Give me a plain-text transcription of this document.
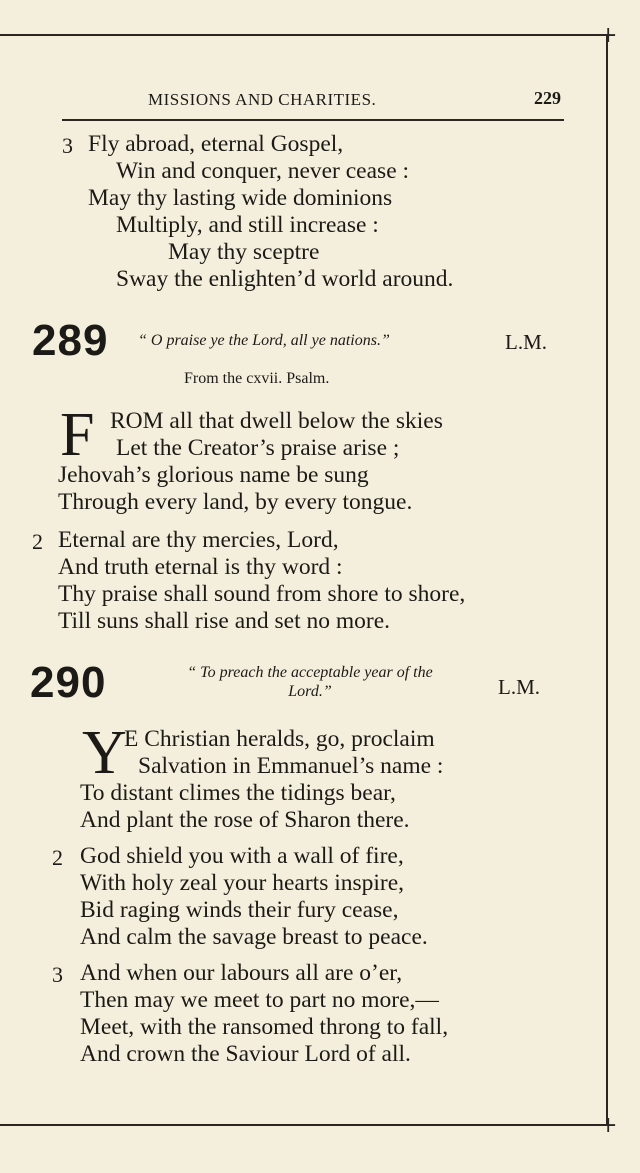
+
+
MISSIONS AND CHARITIES.	229
3 Fly abroad, eternal Gospel,
Win and conquer, never cease :
May thy lasting wide dominions
Multiply, and still increase :
May thy sceptre
Sway the enlighten’d world around.
289 “ O praise ye the Lord, all ye nations.”	L.M.
From the cxvii. Psalm.
F ROM all that dwell below the skies
Let the Creator’s praise arise ;
Jehovah’s glorious name be sung
Through every land, by every tongue.
2 Eternal are thy mercies, Lord,
And truth eternal is thy word :
Thy praise shall sound from shore to shore,
Till suns shall rise and set no more.
290	“ To preach the acceptable year of the
Lord.”	L.M.
Y
E Christian heralds, go, proclaim
Salvation in Emmanuel’s name :
To distant climes the tidings bear,
And plant the rose of Sharon there.
2 God shield you with a wall of fire,
With holy zeal your hearts inspire,
Bid raging winds their fury cease,
And calm the savage breast to peace.
3 And when our labours all are o’er,
Then may we meet to part no more,—
Meet, with the ransomed throng to fall,
And crown the Saviour Lord of all.
